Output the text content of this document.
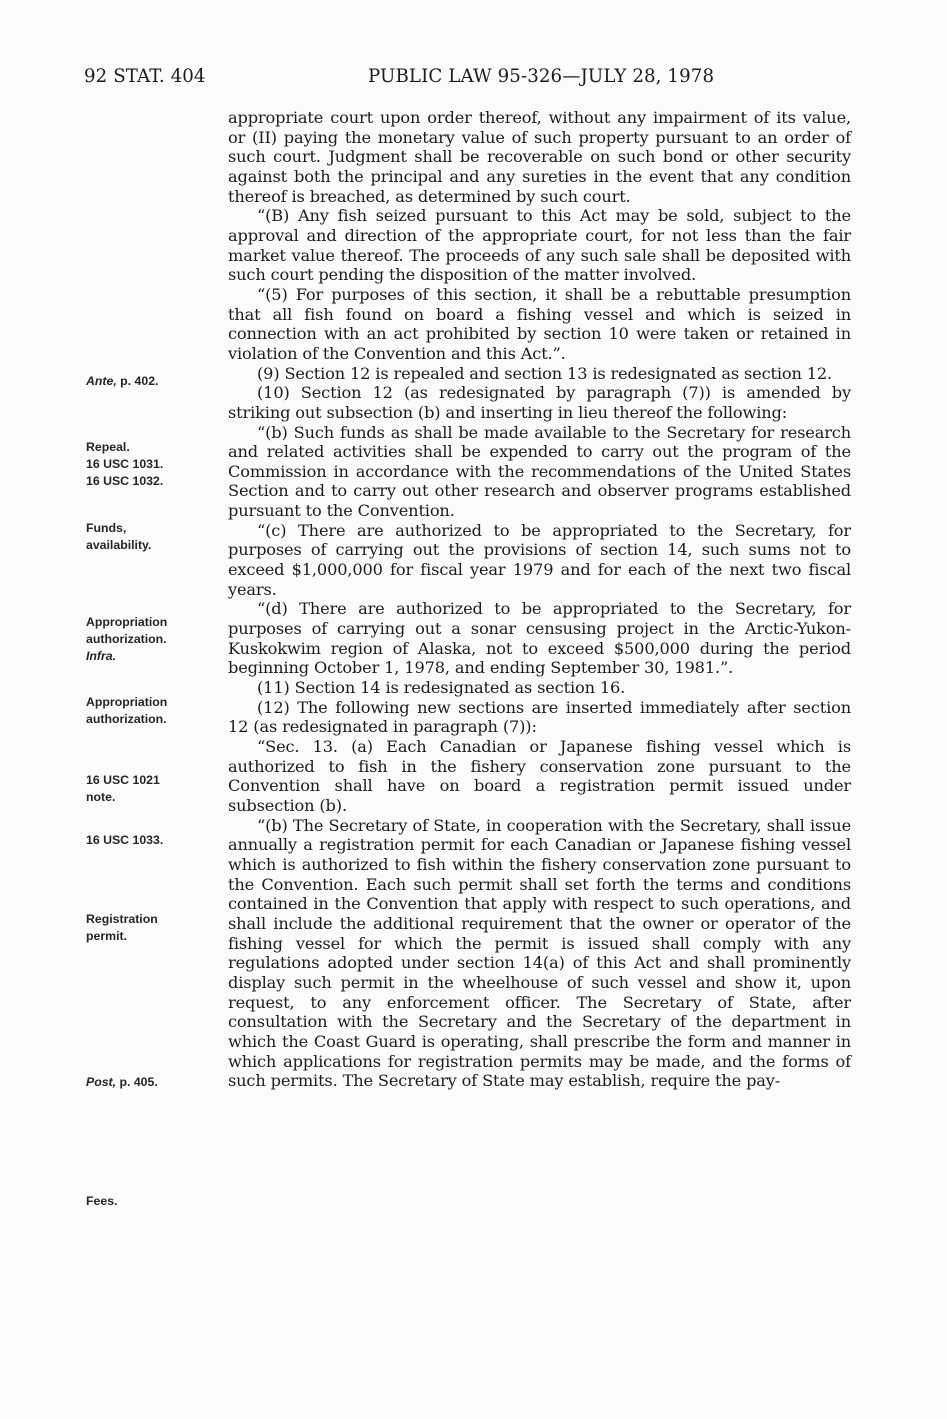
92 STAT. 404	PUBLIC LAW 95-326—JULY 28, 1978
Ante, p. 402.
Repeal.
16 USC 1031.
16 USC 1032.
Funds,
availability.
Appropriation
authorization.
Infra.
Appropriation
authorization.
16 USC 1021
note.
16 USC 1033.
Registration
permit.
Post, p. 405.
Fees.

appropriate court upon order thereof, without any impairment of its value, or (II) paying the monetary value of such property pursuant to an order of such court. Judgment shall be recoverable on such bond or other security against both the principal and any sureties in the event that any condition thereof is breached, as determined by such court.

“(B) Any fish seized pursuant to this Act may be sold, subject to the approval and direction of the appropriate court, for not less than the fair market value thereof. The proceeds of any such sale shall be deposited with such court pending the disposition of the matter involved.

“(5) For purposes of this section, it shall be a rebuttable presumption that all fish found on board a fishing vessel and which is seized in connection with an act prohibited by section 10 were taken or retained in violation of the Convention and this Act.”.

(9) Section 12 is repealed and section 13 is redesignated as section 12.

(10) Section 12 (as redesignated by paragraph (7)) is amended by striking out subsection (b) and inserting in lieu thereof the following:

“(b) Such funds as shall be made available to the Secretary for research and related activities shall be expended to carry out the program of the Commission in accordance with the recommendations of the United States Section and to carry out other research and observer programs established pursuant to the Convention.

“(c) There are authorized to be appropriated to the Secretary, for purposes of carrying out the provisions of section 14, such sums not to exceed $1,000,000 for fiscal year 1979 and for each of the next two fiscal years.

“(d) There are authorized to be appropriated to the Secretary, for purposes of carrying out a sonar censusing project in the Arctic-Yukon-Kuskokwim region of Alaska, not to exceed $500,000 during the period beginning October 1, 1978, and ending September 30, 1981.”.

(11) Section 14 is redesignated as section 16.

(12) The following new sections are inserted immediately after section 12 (as redesignated in paragraph (7)):

“Sec. 13. (a) Each Canadian or Japanese fishing vessel which is authorized to fish in the fishery conservation zone pursuant to the Convention shall have on board a registration permit issued under subsection (b).

“(b) The Secretary of State, in cooperation with the Secretary, shall issue annually a registration permit for each Canadian or Japanese fishing vessel which is authorized to fish within the fishery conservation zone pursuant to the Convention. Each such permit shall set forth the terms and conditions contained in the Convention that apply with respect to such operations, and shall include the additional requirement that the owner or operator of the fishing vessel for which the permit is issued shall comply with any regulations adopted under section 14(a) of this Act and shall prominently display such permit in the wheelhouse of such vessel and show it, upon request, to any enforcement officer. The Secretary of State, after consultation with the Secretary and the Secretary of the department in which the Coast Guard is operating, shall prescribe the form and manner in which applications for registration permits may be made, and the forms of such permits. The Secretary of State may establish, require the pay-
